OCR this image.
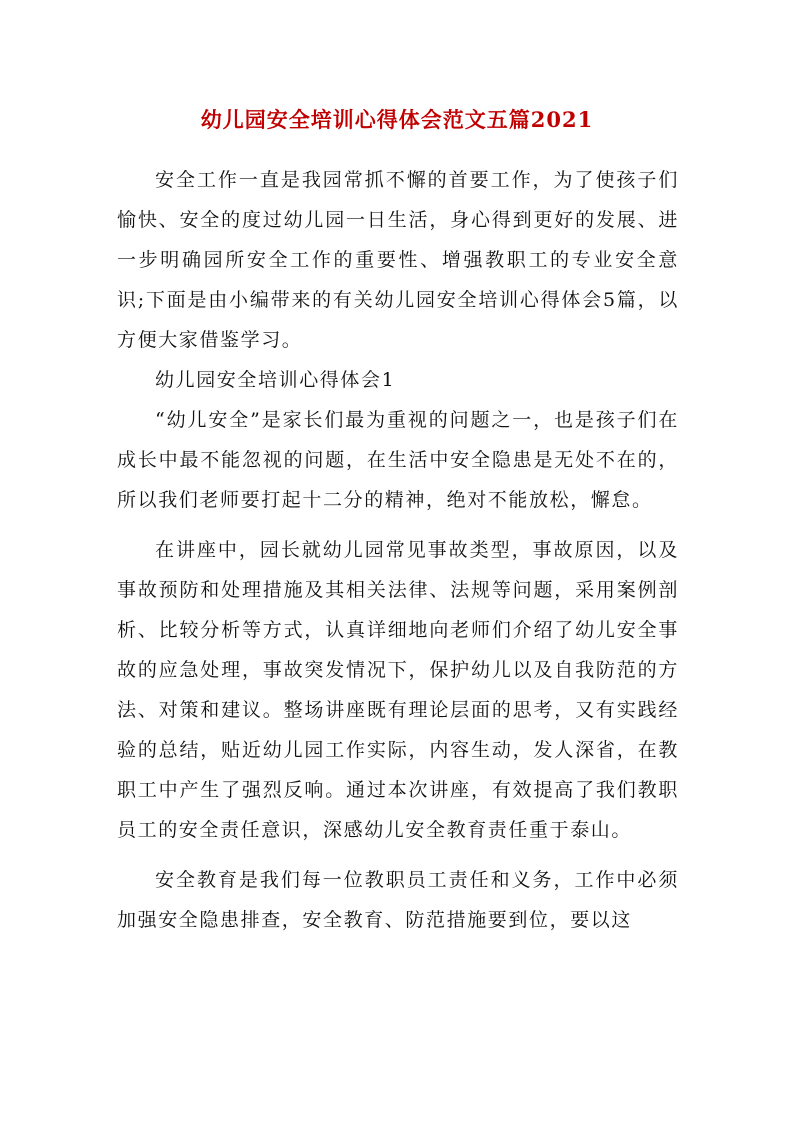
幼儿园安全培训心得体会范文五篇2021

安全工作一直是我园常抓不懈的首要工作，为了使孩子们愉快、安全的度过幼儿园一日生活，身心得到更好的发展、进一步明确园所安全工作的重要性、增强教职工的专业安全意识;下面是由小编带来的有关幼儿园安全培训心得体会5篇，以方便大家借鉴学习。

幼儿园安全培训心得体会1

“幼儿安全”是家长们最为重视的问题之一，也是孩子们在成长中最不能忽视的问题，在生活中安全隐患是无处不在的，所以我们老师要打起十二分的精神，绝对不能放松，懈怠。

在讲座中，园长就幼儿园常见事故类型，事故原因，以及事故预防和处理措施及其相关法律、法规等问题，采用案例剖析、比较分析等方式，认真详细地向老师们介绍了幼儿安全事故的应急处理，事故突发情况下，保护幼儿以及自我防范的方法、对策和建议。整场讲座既有理论层面的思考，又有实践经验的总结，贴近幼儿园工作实际，内容生动，发人深省，在教职工中产生了强烈反响。通过本次讲座，有效提高了我们教职员工的安全责任意识，深感幼儿安全教育责任重于泰山。

安全教育是我们每一位教职员工责任和义务，工作中必须加强安全隐患排查，安全教育、防范措施要到位，要以这
